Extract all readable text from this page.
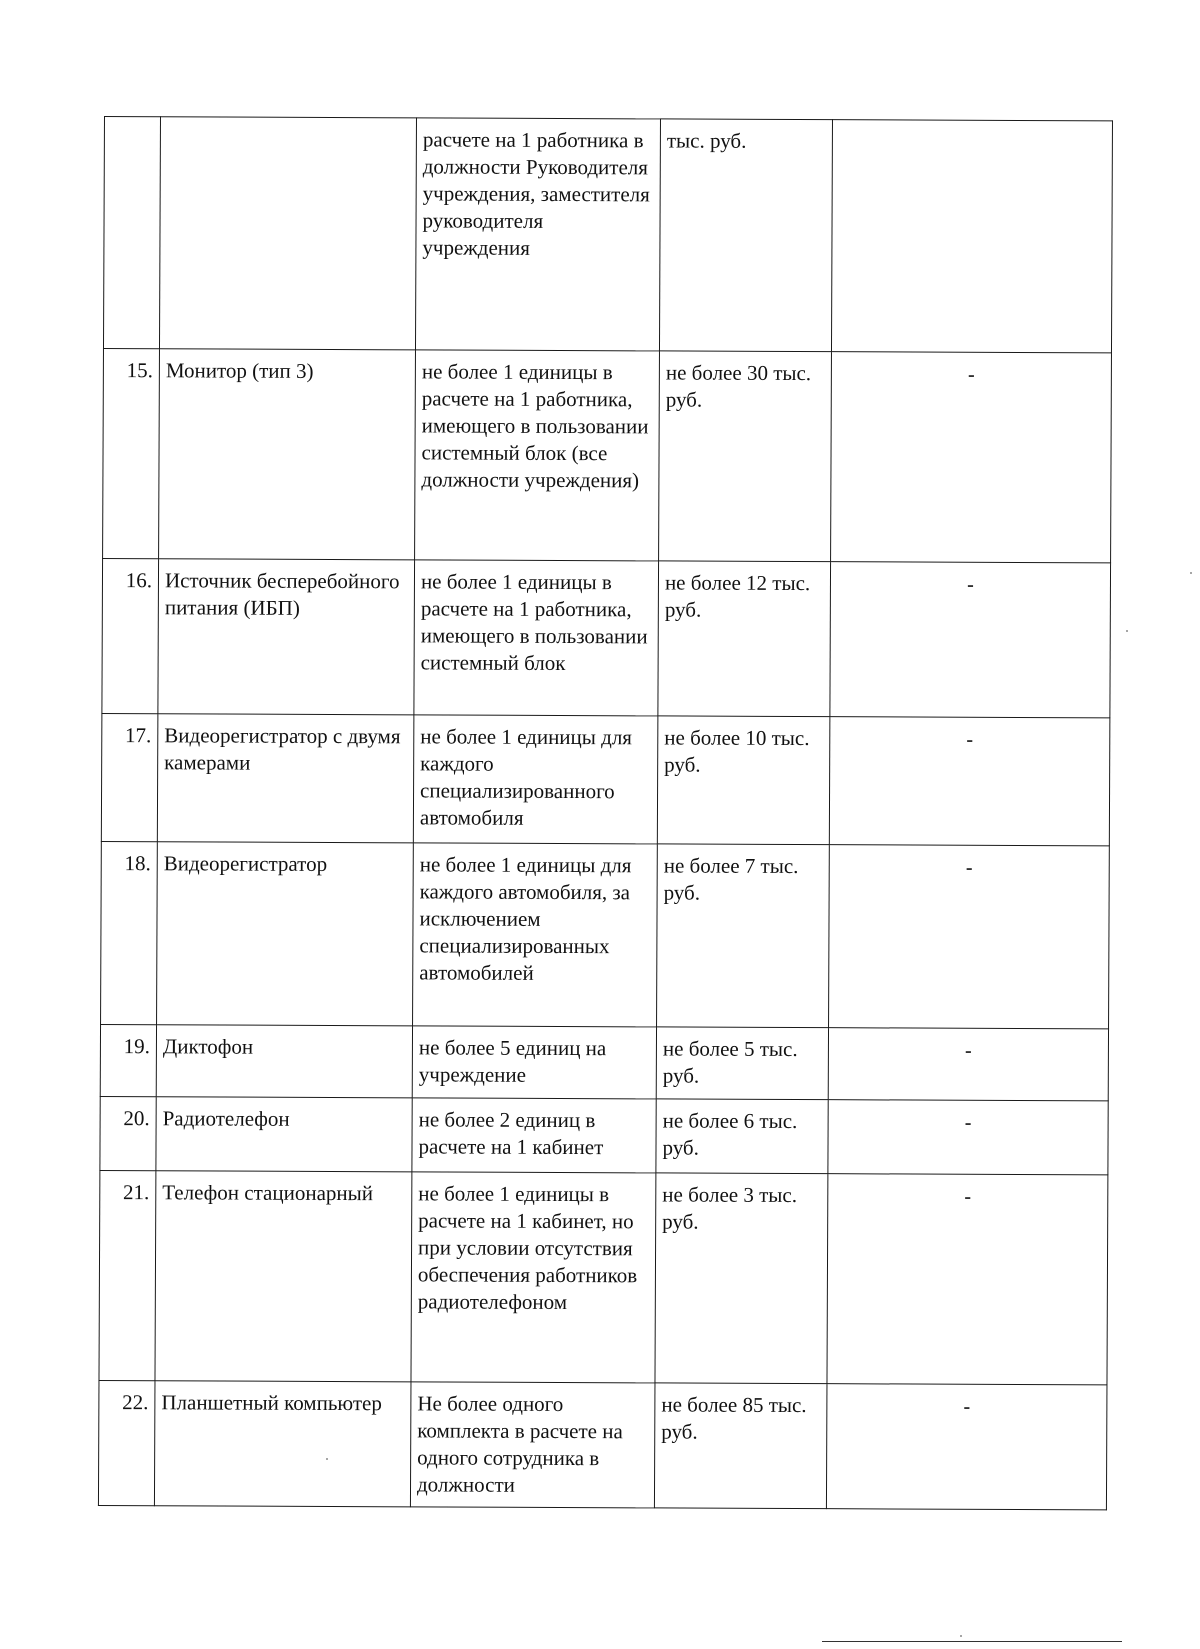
		расчете на 1 работника в должности Руководителя учреждения, заместителя руководителя учреждения	тыс. руб.	
15.	Монитор (тип 3)	не более 1 единицы в расчете на 1 работника, имеющего в пользовании системный блок (все должности учреждения)	не более 30 тыс. руб.	-
16.	Источник бесперебойного питания (ИБП)	не более 1 единицы в расчете на 1 работника, имеющего в пользовании системный блок	не более 12 тыс. руб.	-
17.	Видеорегистратор с двумя камерами	не более 1 единицы для каждого специализированного автомобиля	не более 10 тыс. руб.	-
18.	Видеорегистратор	не более 1 единицы для каждого автомобиля, за исключением специализированных автомобилей	не более 7 тыс. руб.	-
19.	Диктофон	не более 5 единиц на учреждение	не более 5 тыс. руб.	-
20.	Радиотелефон	не более 2 единиц в расчете на 1 кабинет	не более 6 тыс. руб.	-
21.	Телефон стационарный	не более 1 единицы в расчете на 1 кабинет, но при условии отсутствия обеспечения работников радиотелефоном	не более 3 тыс. руб.	-
22.	Планшетный компьютер	Не более одного комплекта в расчете на одного сотрудника в должности	не более 85 тыс. руб.	-
